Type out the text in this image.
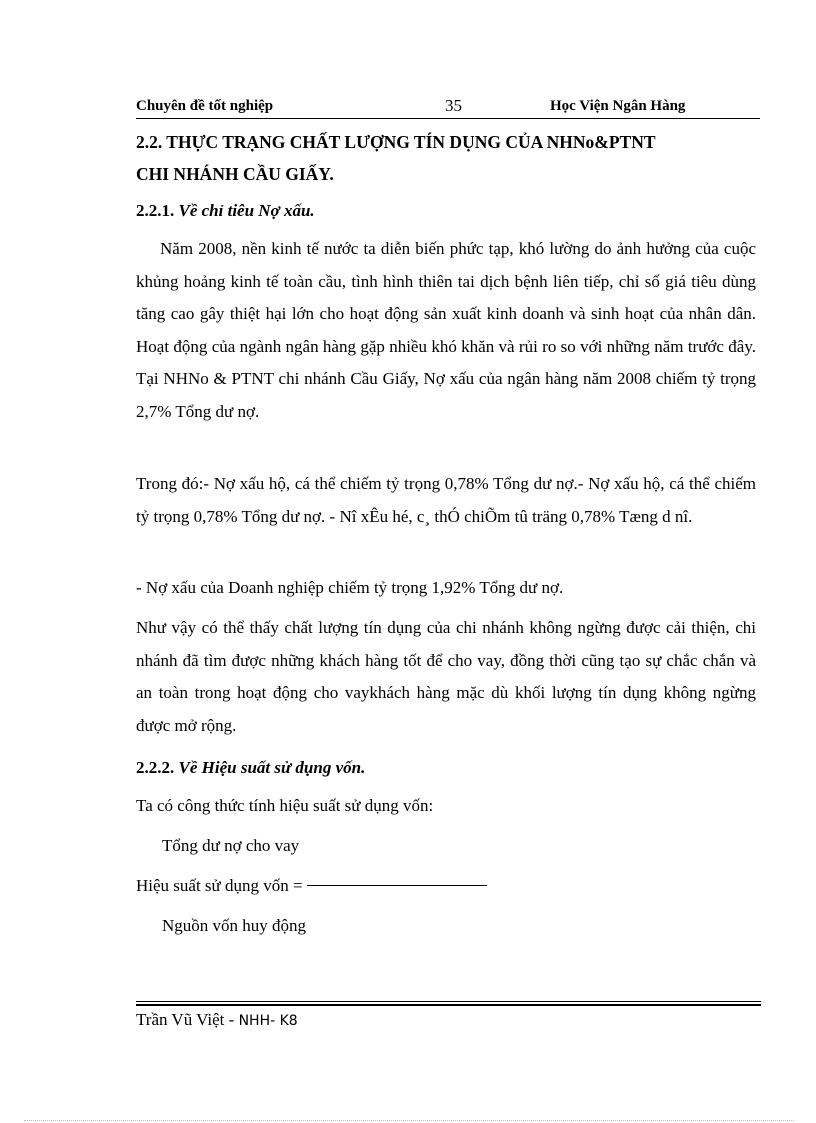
Chuyên đề tốt nghiệp	35	Học Viện Ngân Hàng
2.2. THỰC TRẠNG CHẤT LƯỢNG TÍN DỤNG CỦA NHNo&PTNT
CHI NHÁNH CẦU GIẤY.
2.2.1. Về chỉ tiêu Nợ xấu.
Năm 2008, nền kinh tế nước ta diễn biến phức tạp, khó lường do ảnh hưởng của cuộc khủng hoảng kinh tế toàn cầu, tình hình thiên tai dịch bệnh liên tiếp, chỉ số giá tiêu dùng tăng cao gây thiệt hại lớn cho hoạt động sản xuất kinh doanh và sinh hoạt của nhân dân. Hoạt động của ngành ngân hàng gặp nhiều khó khăn và rủi ro so với những năm trước đây. Tại NHNo & PTNT chi nhánh Cầu Giấy, Nợ xấu của ngân hàng năm 2008 chiếm tỷ trọng 2,7% Tổng dư nợ.
Trong đó:- Nợ xấu hộ, cá thể chiếm tỷ trọng 0,78% Tổng dư nợ.- Nợ xấu hộ, cá thể chiếm tỷ trọng 0,78% Tổng dư nợ. - Nî xÊu hé, c¸ thÓ chiÕm tû träng 0,78% Tæng d nî.
- Nợ xấu của Doanh nghiệp chiếm tỷ trọng 1,92% Tổng dư nợ.
Như vậy có thể thấy chất lượng tín dụng của chi nhánh không ngừng được cải thiện, chi nhánh đã tìm được những khách hàng tốt để cho vay, đồng thời cũng tạo sự chắc chắn và an toàn trong hoạt động cho vaykhách hàng mặc dù khối lượng tín dụng không ngừng được mở rộng.
2.2.2. Về Hiệu suất sử dụng vốn.
Ta có công thức tính hiệu suất sử dụng vốn:
Tổng dư nợ cho vay
Hiệu suất sử dụng vốn =
Nguồn vốn huy động
Trần Vũ Việt - NHH- K8
